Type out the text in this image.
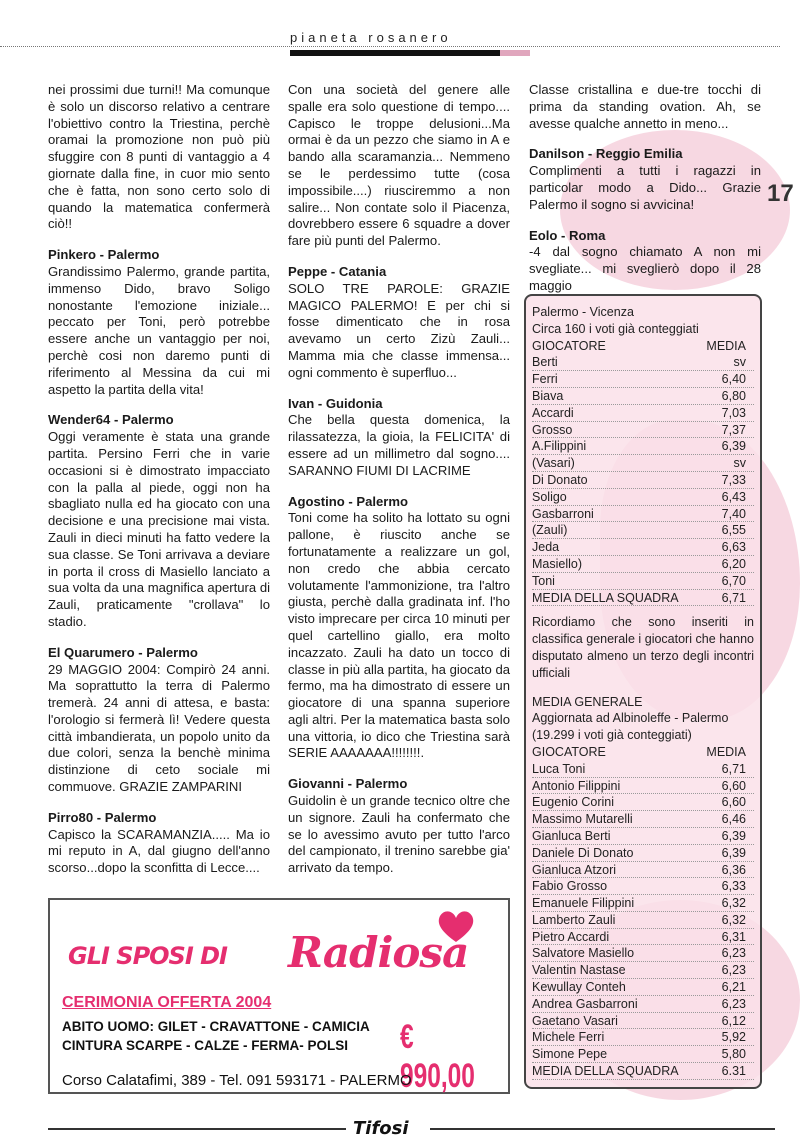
pianeta rosanero
17

nei prossimi due turni!! Ma comunque è solo un discorso relativo a centrare l'obiettivo contro la Triestina, perchè oramai la promozione non può più sfuggire con 8 punti di vantaggio a 4 giornate dalla fine, in cuor mio sento che è fatta, non sono certo solo di quando la matematica confermerà ciò!!

Pinkero - Palermo

Grandissimo Palermo, grande partita, immenso Dido, bravo Soligo nonostante l'emozione iniziale... peccato per Toni, però potrebbe essere anche un vantaggio per noi, perchè cosi non daremo punti di riferimento al Messina da cui mi aspetto la partita della vita!

Wender64 - Palermo

Oggi veramente è stata una grande partita. Persino Ferri che in varie occasioni si è dimostrato impacciato con la palla al piede, oggi non ha sbagliato nulla ed ha giocato con una decisione e una precisione mai vista. Zauli in dieci minuti ha fatto vedere la sua classe. Se Toni arrivava a deviare in porta il cross di Masiello lanciato a sua volta da una magnifica apertura di Zauli, praticamente "crollava" lo stadio.

El Quarumero - Palermo

29 MAGGIO 2004: Compirò 24 anni. Ma soprattutto la terra di Palermo tremerà. 24 anni di attesa, e basta: l'orologio si fermerà lì! Vedere questa città imbandierata, un popolo unito da due colori, senza la benchè minima distinzione di ceto sociale mi commuove. GRAZIE ZAMPARINI

Pirro80 - Palermo

Capisco la SCARAMANZIA..... Ma io mi reputo in A, dal giugno dell'anno scorso...dopo la sconfitta di Lecce....

Con una società del genere alle spalle era solo questione di tempo.... Capisco le troppe delusioni...Ma ormai è da un pezzo che siamo in A e bando alla scaramanzia... Nemmeno se le perdessimo tutte (cosa impossibile....) riusciremmo a non salire... Non contate solo il Piacenza, dovrebbero essere 6 squadre a dover fare più punti del Palermo.

Peppe - Catania

SOLO TRE PAROLE: GRAZIE MAGICO PALERMO! E per chi si fosse dimenticato che in rosa avevamo un certo Zizù Zauli... Mamma mia che classe immensa... ogni commento è superfluo...

Ivan - Guidonia

Che bella questa domenica, la rilassatezza, la gioia, la FELICITA' di essere ad un millimetro dal sogno.... SARANNO FIUMI DI LACRIME

Agostino - Palermo

Toni come ha solito ha lottato su ogni pallone, è riuscito anche se fortunatamente a realizzare un gol, non credo che abbia cercato volutamente l'ammonizione, tra l'altro giusta, perchè dalla gradinata inf. l'ho visto imprecare per circa 10 minuti per quel cartellino giallo, era molto incazzato. Zauli ha dato un tocco di classe in più alla partita, ha giocato da fermo, ma ha dimostrato di essere un giocatore di una spanna superiore agli altri. Per la matematica basta solo una vittoria, io dico che Triestina sarà SERIE AAAAAAA!!!!!!!!.

Giovanni - Palermo

Guidolin è un grande tecnico oltre che un signore. Zauli ha confermato che se lo avessimo avuto per tutto l'arco del campionato, il trenino sarebbe gia' arrivato da tempo.

Classe cristallina e due-tre tocchi di prima da standing ovation. Ah, se avesse qualche annetto in meno...

Danilson - Reggio Emilia

Complimenti a tutti i ragazzi in particolar modo a Dido... Grazie Palermo il sogno si avvicina!

Eolo - Roma

-4 dal sogno chiamato A non mi svegliate... mi sveglierò dopo il 28 maggio

Palermo - Vicenza
Circa 160 i voti già conteggiati
GIOCATORE	MEDIA
Berti	sv
Ferri	6,40
Biava	6,80
Accardi	7,03
Grosso	7,37
A.Filippini	6,39
(Vasari)	sv
Di Donato	7,33
Soligo	6,43
Gasbarroni	7,40
(Zauli)	6,55
Jeda	6,63
Masiello)	6,20
Toni	6,70
MEDIA DELLA SQUADRA	6,71

Ricordiamo che sono inseriti in classifica generale i giocatori che hanno disputato almeno un terzo degli incontri ufficiali

MEDIA GENERALE
Aggiornata ad Albinoleffe - Palermo
(19.299 i voti già conteggiati)
GIOCATORE	MEDIA
Luca Toni	6,71
Antonio Filippini	6,60
Eugenio Corini	6,60
Massimo Mutarelli	6,46
Gianluca Berti	6,39
Daniele Di Donato	6,39
Gianluca Atzori	6,36
Fabio Grosso	6,33
Emanuele Filippini	6,32
Lamberto Zauli	6,32
Pietro Accardi	6,31
Salvatore Masiello	6,23
Valentin Nastase	6,23
Kewullay Conteh	6,21
Andrea Gasbarroni	6,23
Gaetano Vasari	6,12
Michele Ferri	5,92
Simone Pepe	5,80
MEDIA DELLA SQUADRA	6.31
GLI SPOSI DI Radiosa
CERIMONIA OFFERTA 2004
ABITO UOMO: GILET - CRAVATTONE - CAMICIA
CINTURA SCARPE - CALZE - FERMA- POLSI € 990,00
Corso Calatafimi, 389 - Tel. 091 593171 - PALERMO
Tifosi
